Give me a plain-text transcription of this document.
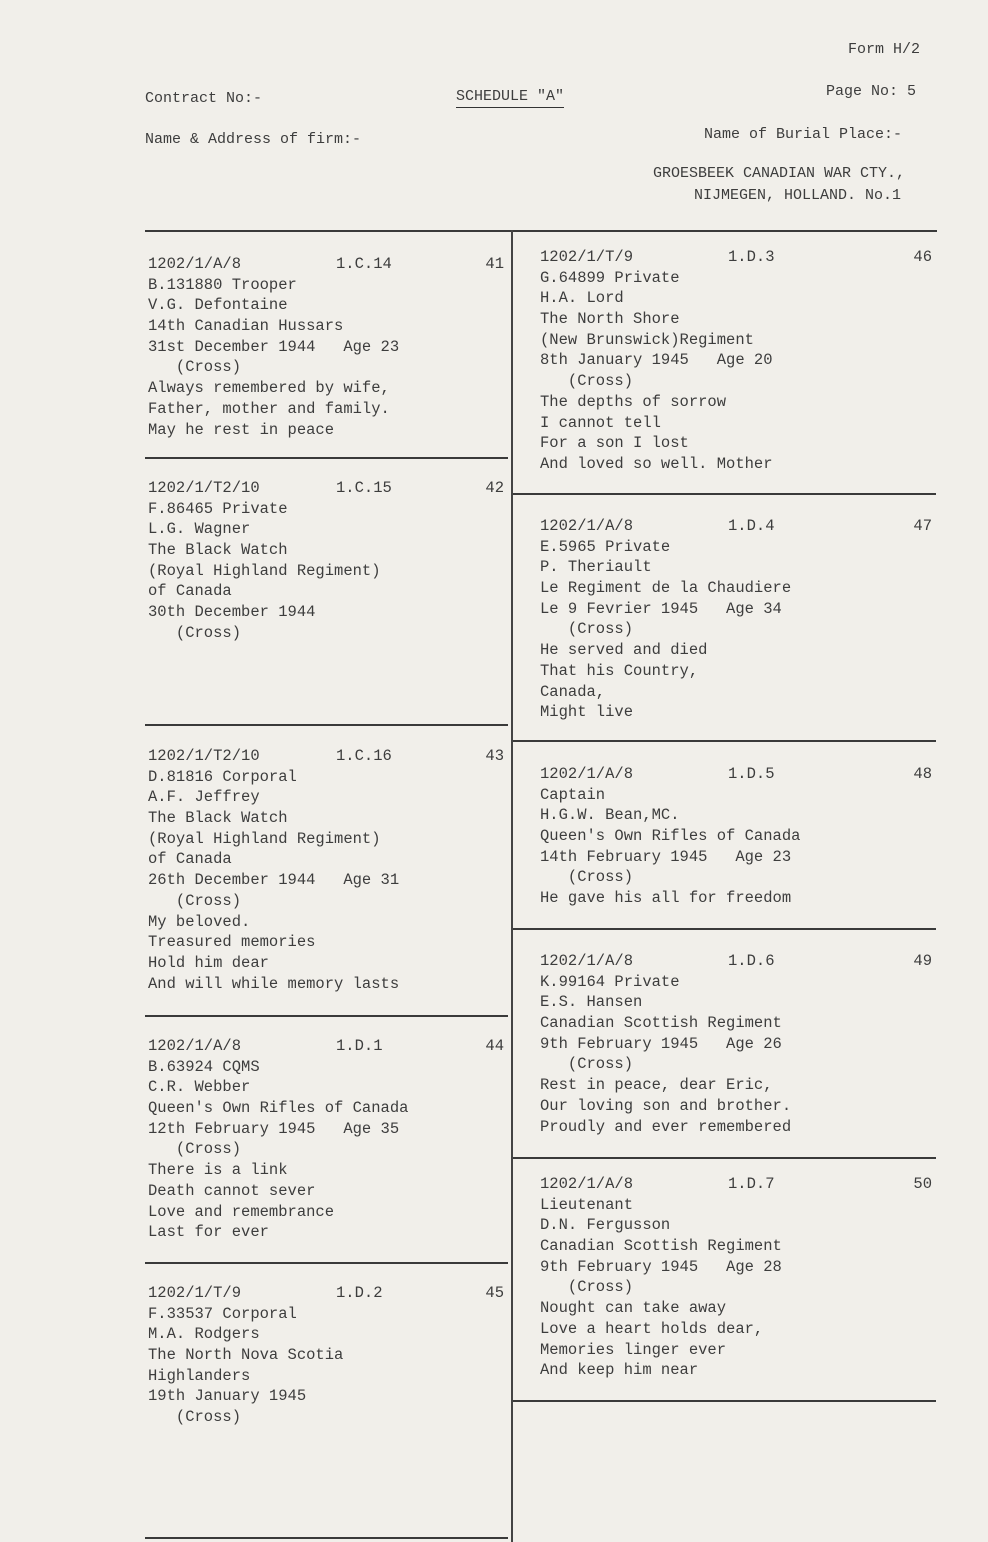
Form H/2
Contract No:-	SCHEDULE "A"	Page No: 5
Name & Address of firm:-	Name of Burial Place:-
GROESBEEK CANADIAN WAR CTY.,
NIJMEGEN, HOLLAND. No.1
1202/1/A/8	1.C.14	41
B.131880 Trooper
V.G. Defontaine
14th Canadian Hussars
31st December 1944   Age 23
(Cross)
Always remembered by wife,
Father, mother and family.
May he rest in peace
1202/1/T2/10	1.C.15	42
F.86465 Private
L.G. Wagner
The Black Watch
(Royal Highland Regiment)
of Canada
30th December 1944
(Cross)
1202/1/T2/10	1.C.16	43
D.81816 Corporal
A.F. Jeffrey
The Black Watch
(Royal Highland Regiment)
of Canada
26th December 1944   Age 31
(Cross)
My beloved.
Treasured memories
Hold him dear
And will while memory lasts
1202/1/A/8	1.D.1	44
B.63924 CQMS
C.R. Webber
Queen's Own Rifles of Canada
12th February 1945   Age 35
(Cross)
There is a link
Death cannot sever
Love and remembrance
Last for ever
1202/1/T/9	1.D.2	45
F.33537 Corporal
M.A. Rodgers
The North Nova Scotia
Highlanders
19th January 1945
(Cross)
1202/1/T/9	1.D.3	46
G.64899 Private
H.A. Lord
The North Shore
(New Brunswick)Regiment
8th January 1945   Age 20
(Cross)
The depths of sorrow
I cannot tell
For a son I lost
And loved so well. Mother
1202/1/A/8	1.D.4	47
E.5965 Private
P. Theriault
Le Regiment de la Chaudiere
Le 9 Fevrier 1945   Age 34
(Cross)
He served and died
That his Country,
Canada,
Might live
1202/1/A/8	1.D.5	48
Captain
H.G.W. Bean,MC.
Queen's Own Rifles of Canada
14th February 1945   Age 23
(Cross)
He gave his all for freedom
1202/1/A/8	1.D.6	49
K.99164 Private
E.S. Hansen
Canadian Scottish Regiment
9th February 1945   Age 26
(Cross)
Rest in peace, dear Eric,
Our loving son and brother.
Proudly and ever remembered
1202/1/A/8	1.D.7	50
Lieutenant
D.N. Fergusson
Canadian Scottish Regiment
9th February 1945   Age 28
(Cross)
Nought can take away
Love a heart holds dear,
Memories linger ever
And keep him near
